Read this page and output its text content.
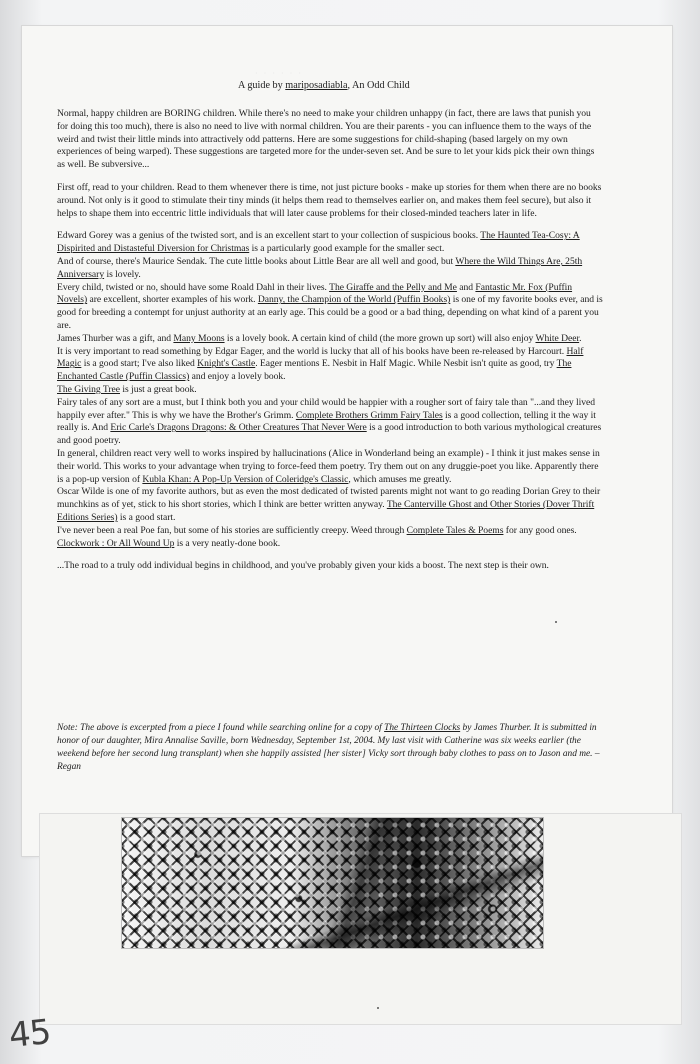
· · · · · ·
A guide by mariposadiabla, An Odd Child

Normal, happy children are BORING children. While there's no need to make your children unhappy (in fact, there are laws that punish you for doing this too much), there is also no need to live with normal children. You are their parents - you can influence them to the ways of the weird and twist their little minds into attractively odd patterns. Here are some suggestions for child-shaping (based largely on my own experiences of being warped). These suggestions are targeted more for the under-seven set. And be sure to let your kids pick their own things as well. Be subversive...

First off, read to your children. Read to them whenever there is time, not just picture books - make up stories for them when there are no books around. Not only is it good to stimulate their tiny minds (it helps them read to themselves earlier on, and makes them feel secure), but also it helps to shape them into eccentric little individuals that will later cause problems for their closed-minded teachers later in life.

Edward Gorey was a genius of the twisted sort, and is an excellent start to your collection of suspicious books. The Haunted Tea-Cosy: A Dispirited and Distasteful Diversion for Christmas is a particularly good example for the smaller sect.

And of course, there's Maurice Sendak. The cute little books about Little Bear are all well and good, but Where the Wild Things Are, 25th Anniversary is lovely.

Every child, twisted or no, should have some Roald Dahl in their lives. The Giraffe and the Pelly and Me and Fantastic Mr. Fox (Puffin Novels) are excellent, shorter examples of his work. Danny, the Champion of the World (Puffin Books) is one of my favorite books ever, and is good for breeding a contempt for unjust authority at an early age. This could be a good or a bad thing, depending on what kind of a parent you are.

James Thurber was a gift, and Many Moons is a lovely book. A certain kind of child (the more grown up sort) will also enjoy White Deer.

It is very important to read something by Edgar Eager, and the world is lucky that all of his books have been re-released by Harcourt. Half Magic is a good start; I've also liked Knight's Castle. Eager mentions E. Nesbit in Half Magic. While Nesbit isn't quite as good, try The Enchanted Castle (Puffin Classics) and enjoy a lovely book.

The Giving Tree is just a great book.

Fairy tales of any sort are a must, but I think both you and your child would be happier with a rougher sort of fairy tale than "...and they lived happily ever after." This is why we have the Brother's Grimm. Complete Brothers Grimm Fairy Tales is a good collection, telling it the way it really is. And Eric Carle's Dragons Dragons: & Other Creatures That Never Were is a good introduction to both various mythological creatures and good poetry.

In general, children react very well to works inspired by hallucinations (Alice in Wonderland being an example) - I think it just makes sense in their world. This works to your advantage when trying to force-feed them poetry. Try them out on any druggie-poet you like. Apparently there is a pop-up version of Kubla Khan: A Pop-Up Version of Coleridge's Classic, which amuses me greatly.

Oscar Wilde is one of my favorite authors, but as even the most dedicated of twisted parents might not want to go reading Dorian Grey to their munchkins as of yet, stick to his short stories, which I think are better written anyway. The Canterville Ghost and Other Stories (Dover Thrift Editions Series) is a good start.

I've never been a real Poe fan, but some of his stories are sufficiently creepy. Weed through Complete Tales & Poems for any good ones.

Clockwork : Or All Wound Up is a very neatly-done book.

...The road to a truly odd individual begins in childhood, and you've probably given your kids a boost. The next step is their own.

Note: The above is excerpted from a piece I found while searching online for a copy of The Thirteen Clocks by James Thurber. It is submitted in honor of our daughter, Mira Annalise Saville, born Wednesday, September 1st, 2004. My last visit with Catherine was six weeks earlier (the weekend before her second lung transplant) when she happily assisted [her sister] Vicky sort through baby clothes to pass on to Jason and me. –Regan

45
